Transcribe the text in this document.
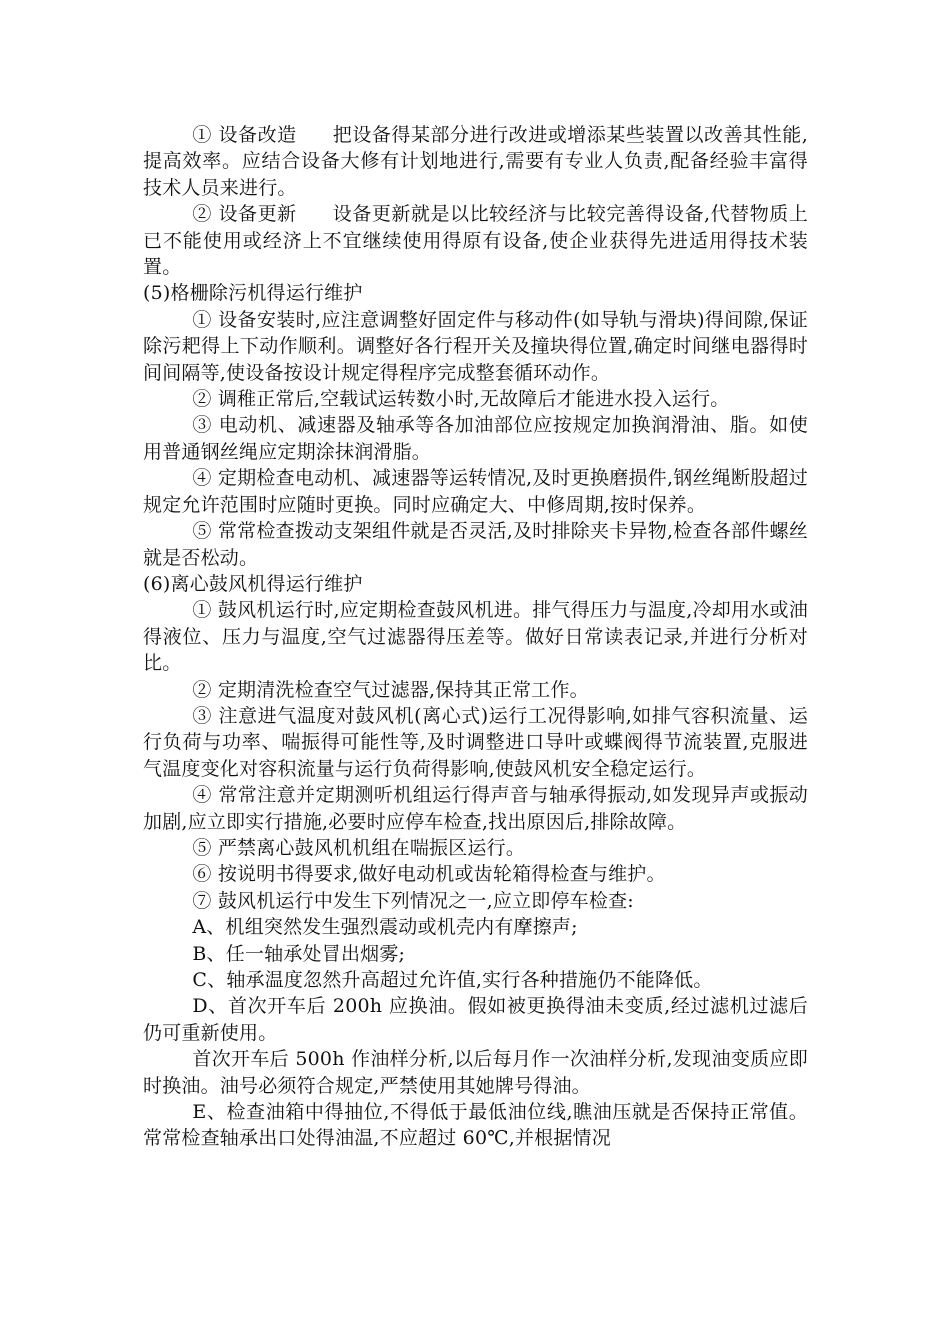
① 设备改造 把设备得某部分进行改进或增添某些装置以改善其性能,提高效率。应结合设备大修有计划地进行,需要有专业人负责,配备经验丰富得技术人员来进行。

② 设备更新 设备更新就是以比较经济与比较完善得设备,代替物质上已不能使用或经济上不宜继续使用得原有设备,使企业获得先进适用得技术装置。

(5)格栅除污机得运行维护

① 设备安装时,应注意调整好固定件与移动件(如导轨与滑块)得间隙,保证除污耙得上下动作顺利。调整好各行程开关及撞块得位置,确定时间继电器得时间间隔等,使设备按设计规定得程序完成整套循环动作。

② 调稚正常后,空载试运转数小时,无故障后才能进水投入运行。

③ 电动机、减速器及轴承等各加油部位应按规定加换润滑油、脂。如使用普通钢丝绳应定期涂抹润滑脂。

④ 定期检查电动机、减速器等运转情况,及时更换磨损件,钢丝绳断股超过规定允许范围时应随时更换。同时应确定大、中修周期,按时保养。

⑤ 常常检查拨动支架组件就是否灵活,及时排除夹卡异物,检查各部件螺丝就是否松动。

(6)离心鼓风机得运行维护

① 鼓风机运行时,应定期检查鼓风机进。排气得压力与温度,冷却用水或油得液位、压力与温度,空气过滤器得压差等。做好日常读表记录,并进行分析对比。

② 定期清洗检查空气过滤器,保持其正常工作。

③ 注意进气温度对鼓风机(离心式)运行工况得影响,如排气容积流量、运行负荷与功率、喘振得可能性等,及时调整进口导叶或蝶阀得节流装置,克服进气温度变化对容积流量与运行负荷得影响,使鼓风机安全稳定运行。

④ 常常注意并定期测听机组运行得声音与轴承得振动,如发现异声或振动加剧,应立即实行措施,必要时应停车检查,找出原因后,排除故障。

⑤ 严禁离心鼓风机机组在喘振区运行。

⑥ 按说明书得要求,做好电动机或齿轮箱得检查与维护。

⑦ 鼓风机运行中发生下列情况之一,应立即停车检查:

A、机组突然发生强烈震动或机壳内有摩擦声;

B、任一轴承处冒出烟雾;

C、轴承温度忽然升高超过允许值,实行各种措施仍不能降低。

D、首次开车后 200h 应换油。假如被更换得油未变质,经过滤机过滤后仍可重新使用。

首次开车后 500h 作油样分析,以后每月作一次油样分析,发现油变质应即时换油。油号必须符合规定,严禁使用其她牌号得油。

E、检查油箱中得抽位,不得低于最低油位线,瞧油压就是否保持正常值。常常检查轴承出口处得油温,不应超过 60℃,并根据情况
